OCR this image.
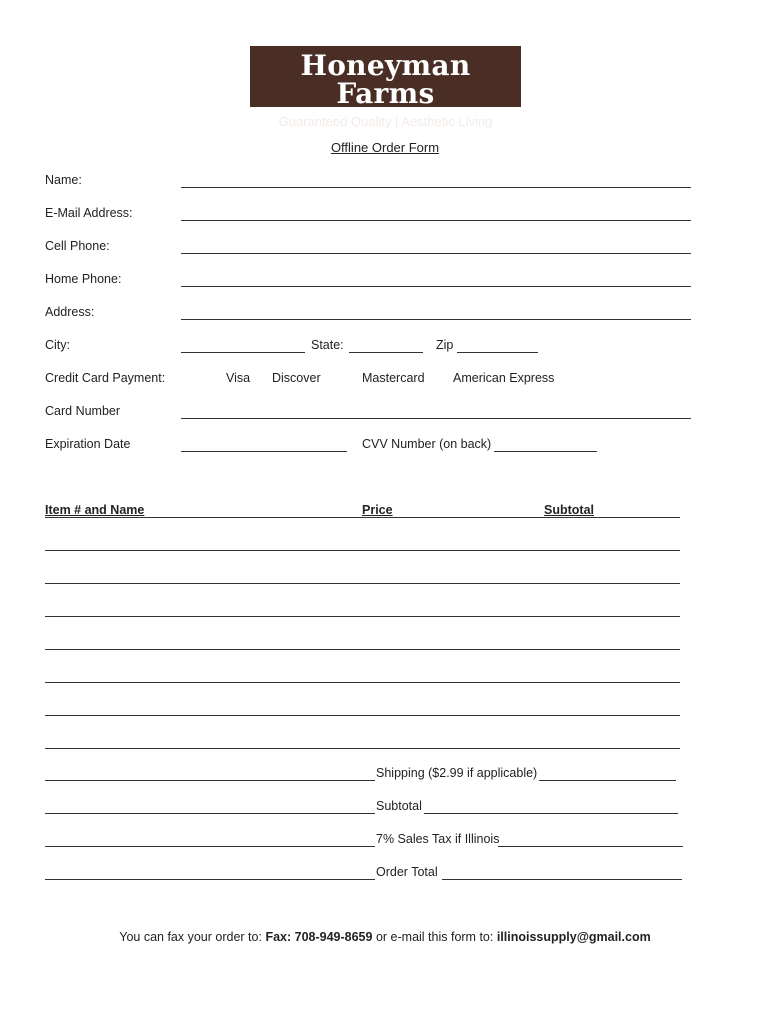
Honeyman Farms
Guaranteed Quality | Aesthetic Living
Offline Order Form
Name:
E-Mail Address:
Cell Phone:
Home Phone:
Address:
City:	State:	Zip
Credit Card Payment:	Visa Discover	Mastercard American Express
Card Number
Expiration Date	CVV Number (on back)
Item # and Name	Price	Subtotal
Shipping ($2.99 if applicable)
Subtotal
7% Sales Tax if Illinois
Order Total
You can fax your order to: Fax: 708-949-8659 or e-mail this form to: illinoissupply@gmail.com
